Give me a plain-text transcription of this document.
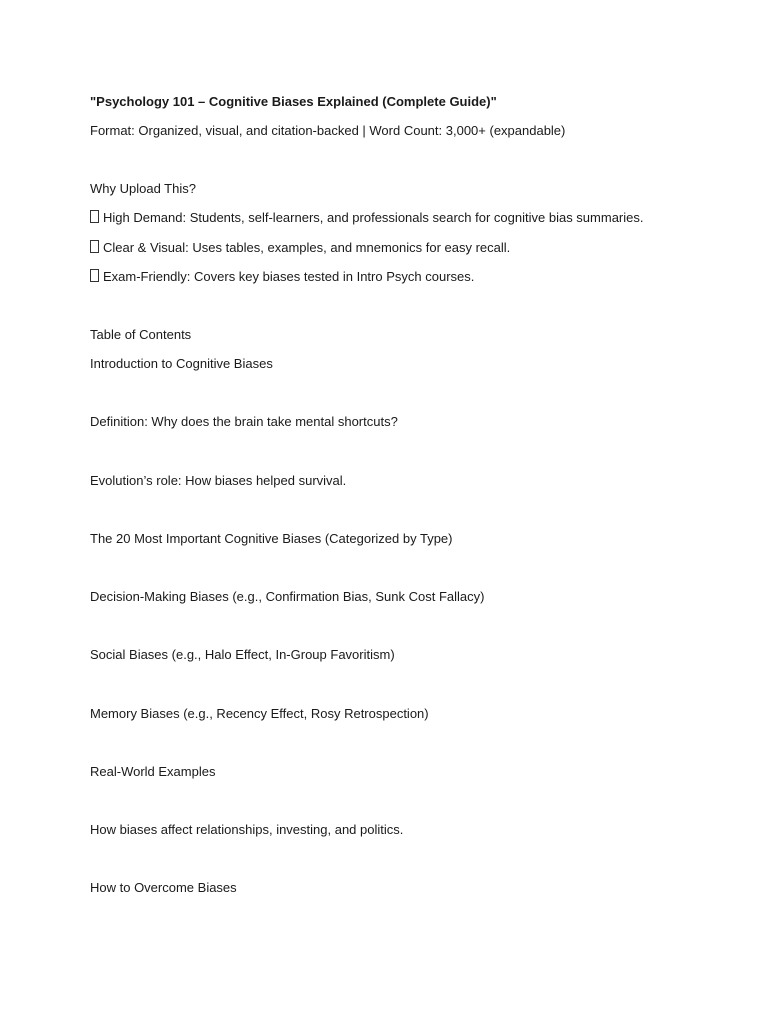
"Psychology 101 – Cognitive Biases Explained (Complete Guide)"
Format: Organized, visual, and citation-backed | Word Count: 3,000+ (expandable)
Why Upload This?
High Demand: Students, self-learners, and professionals search for cognitive bias summaries.
Clear & Visual: Uses tables, examples, and mnemonics for easy recall.
Exam-Friendly: Covers key biases tested in Intro Psych courses.
Table of Contents
Introduction to Cognitive Biases
Definition: Why does the brain take mental shortcuts?
Evolution’s role: How biases helped survival.
The 20 Most Important Cognitive Biases (Categorized by Type)
Decision-Making Biases (e.g., Confirmation Bias, Sunk Cost Fallacy)
Social Biases (e.g., Halo Effect, In-Group Favoritism)
Memory Biases (e.g., Recency Effect, Rosy Retrospection)
Real-World Examples
How biases affect relationships, investing, and politics.
How to Overcome Biases
